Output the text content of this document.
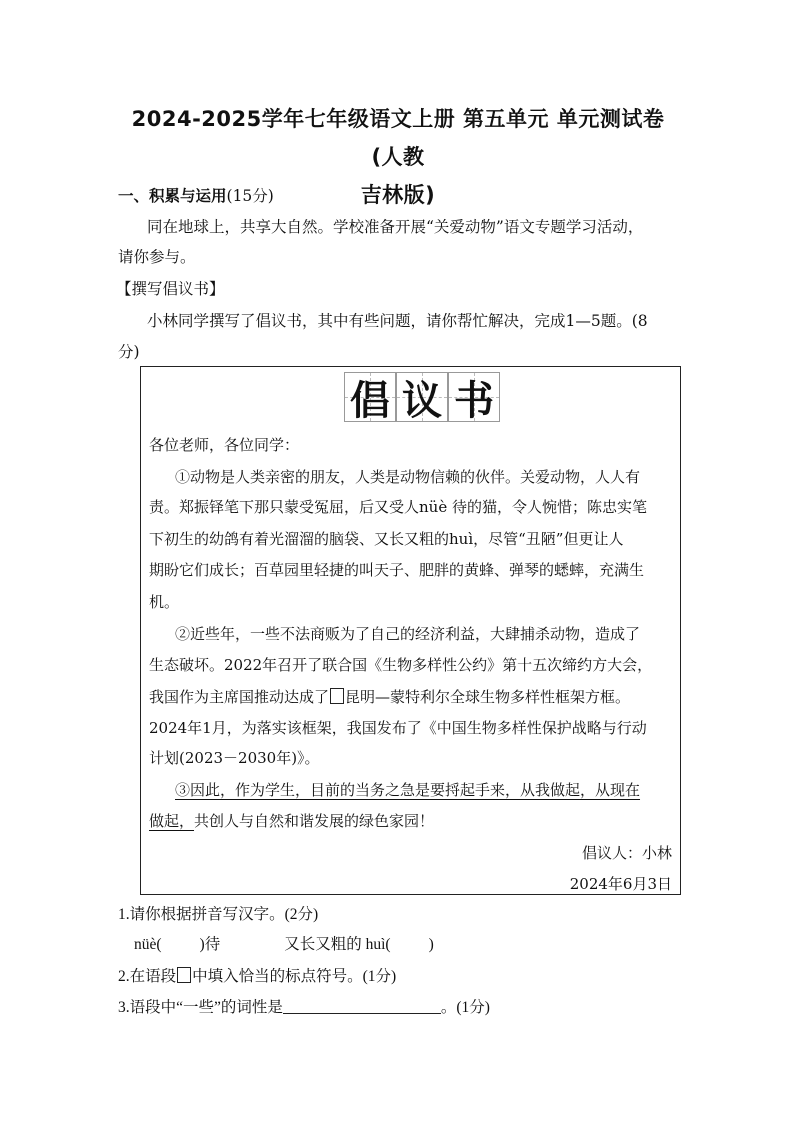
2024-2025学年七年级语文上册 第五单元 单元测试卷(人教
吉林版)
一、积累与运用(15分)
同在地球上，共享大自然。学校准备开展“关爱动物”语文专题学习活动，
请你参与。
【撰写倡议书】
小林同学撰写了倡议书，其中有些问题，请你帮忙解决，完成1—5题。(8
分)
倡 议 书
各位老师，各位同学：
①动物是人类亲密的朋友，人类是动物信赖的伙伴。关爱动物，人人有
责。郑振铎笔下那只蒙受冤屈，后又受人nüè 待的猫，令人惋惜；陈忠实笔
下初生的幼鸽有着光溜溜的脑袋、又长又粗的huì，尽管“丑陋”但更让人
期盼它们成长；百草园里轻捷的叫天子、肥胖的黄蜂、弹琴的蟋蟀，充满生
机。
②近些年，一些不法商贩为了自己的经济利益，大肆捕杀动物，造成了
生态破坏。2022年召开了联合国《生物多样性公约》第十五次缔约方大会，
我国作为主席国推动达成了 昆明—蒙特利尔全球生物多样性框架方框。
2024年1月，为落实该框架，我国发布了《中国生物多样性保护战略与行动
计划(2023－2030年)》。
③因此，作为学生，目前的当务之急是要捋起手来，从我做起，从现在
做起，共创人与自然和谐发展的绿色家园！
倡议人：小林
2024年6月3日
1.请你根据拼音写汉字。(2分)
nüè( )待	又长又粗的 huì( )
2.在语段 中填入恰当的标点符号。(1分)
3.语段中“一些”的词性是	。(1分)
